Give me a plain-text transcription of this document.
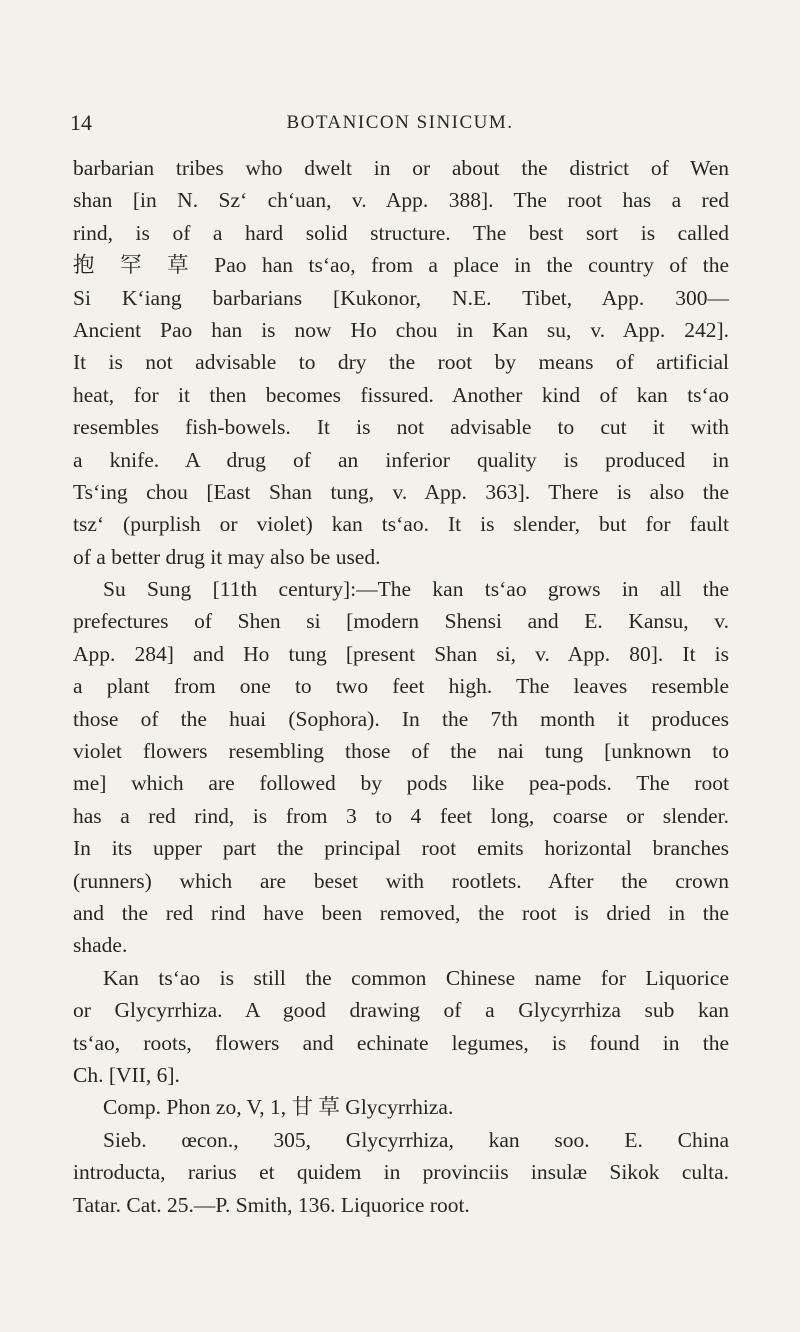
14	BOTANICON SINICUM.
barbarian tribes who dwelt in or about the district of Wen
shan [in N. Sz‘ ch‘uan, v. App. 388]. The root has a red
rind, is of a hard solid structure. The best sort is called
抱 罕 草 Pao han ts‘ao, from a place in the country of the
Si K‘iang barbarians [Kukonor, N.E. Tibet, App. 300—
Ancient Pao han is now Ho chou in Kan su, v. App. 242].
It is not advisable to dry the root by means of artificial
heat, for it then becomes fissured. Another kind of kan ts‘ao
resembles fish-bowels. It is not advisable to cut it with
a knife. A drug of an inferior quality is produced in
Ts‘ing chou [East Shan tung, v. App. 363]. There is also the
tsz‘ (purplish or violet) kan ts‘ao. It is slender, but for fault
of a better drug it may also be used.
Su Sung [11th century]:—The kan ts‘ao grows in all the
prefectures of Shen si [modern Shensi and E. Kansu, v.
App. 284] and Ho tung [present Shan si, v. App. 80]. It is
a plant from one to two feet high. The leaves resemble
those of the huai (Sophora). In the 7th month it produces
violet flowers resembling those of the nai tung [unknown to
me] which are followed by pods like pea-pods. The root
has a red rind, is from 3 to 4 feet long, coarse or slender.
In its upper part the principal root emits horizontal branches
(runners) which are beset with rootlets. After the crown
and the red rind have been removed, the root is dried in the
shade.
Kan ts‘ao is still the common Chinese name for Liquorice
or Glycyrrhiza. A good drawing of a Glycyrrhiza sub kan
ts‘ao, roots, flowers and echinate legumes, is found in the
Ch. [VII, 6].
Comp. Phon zo, V, 1, 甘 草 Glycyrrhiza.
Sieb. œcon., 305, Glycyrrhiza, kan soo. E. China
introducta, rarius et quidem in provinciis insulæ Sikok culta.
Tatar. Cat. 25.—P. Smith, 136. Liquorice root.
